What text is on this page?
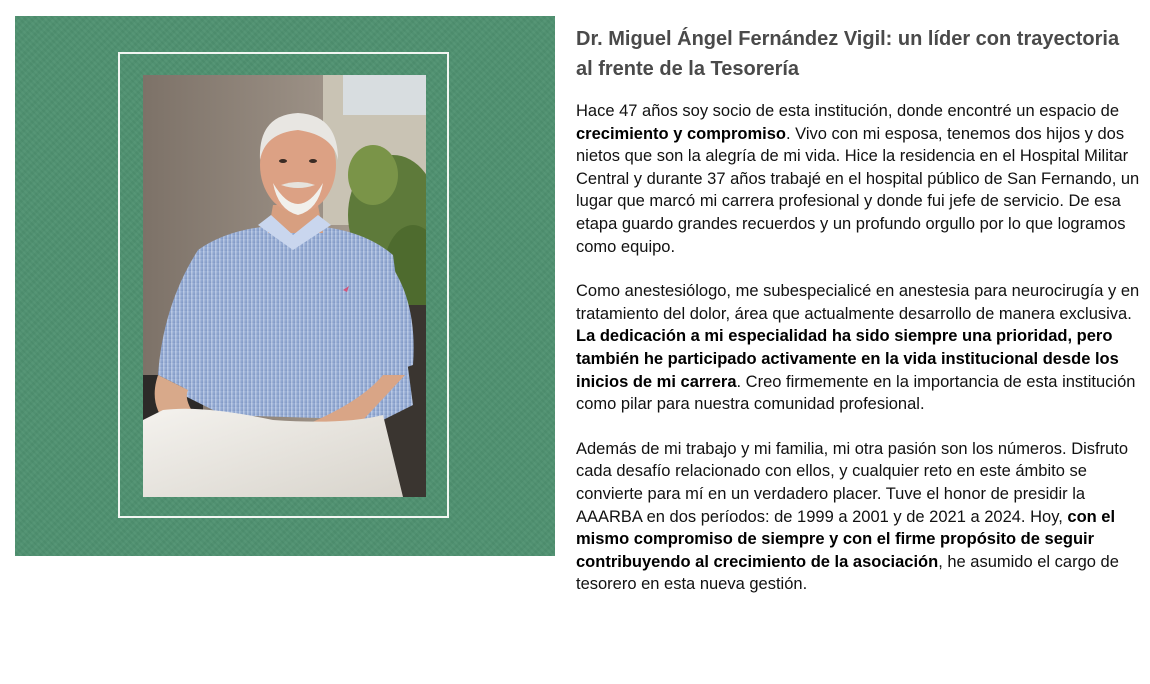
Dr. Miguel Ángel Fernández Vigil: un líder con trayectoria al frente de la Tesorería

Hace 47 años soy socio de esta institución, donde encontré un espacio de crecimiento y compromiso. Vivo con mi esposa, tenemos dos hijos y dos nietos que son la alegría de mi vida. Hice la residencia en el Hospital Militar Central y durante 37 años trabajé en el hospital público de San Fernando, un lugar que marcó mi carrera profesional y donde fui jefe de servicio. De esa etapa guardo grandes recuerdos y un profundo orgullo por lo que logramos como equipo.

Como anestesiólogo, me subespecialicé en anestesia para neurocirugía y en tratamiento del dolor, área que actualmente desarrollo de manera exclusiva. La dedicación a mi especialidad ha sido siempre una prioridad, pero también he participado activamente en la vida institucional desde los inicios de mi carrera. Creo firmemente en la importancia de esta institución como pilar para nuestra comunidad profesional.

Además de mi trabajo y mi familia, mi otra pasión son los números. Disfruto cada desafío relacionado con ellos, y cualquier reto en este ámbito se convierte para mí en un verdadero placer. Tuve el honor de presidir la AAARBA en dos períodos: de 1999 a 2001 y de 2021 a 2024. Hoy, con el mismo compromiso de siempre y con el firme propósito de seguir contribuyendo al crecimiento de la asociación, he asumido el cargo de tesorero en esta nueva gestión.
